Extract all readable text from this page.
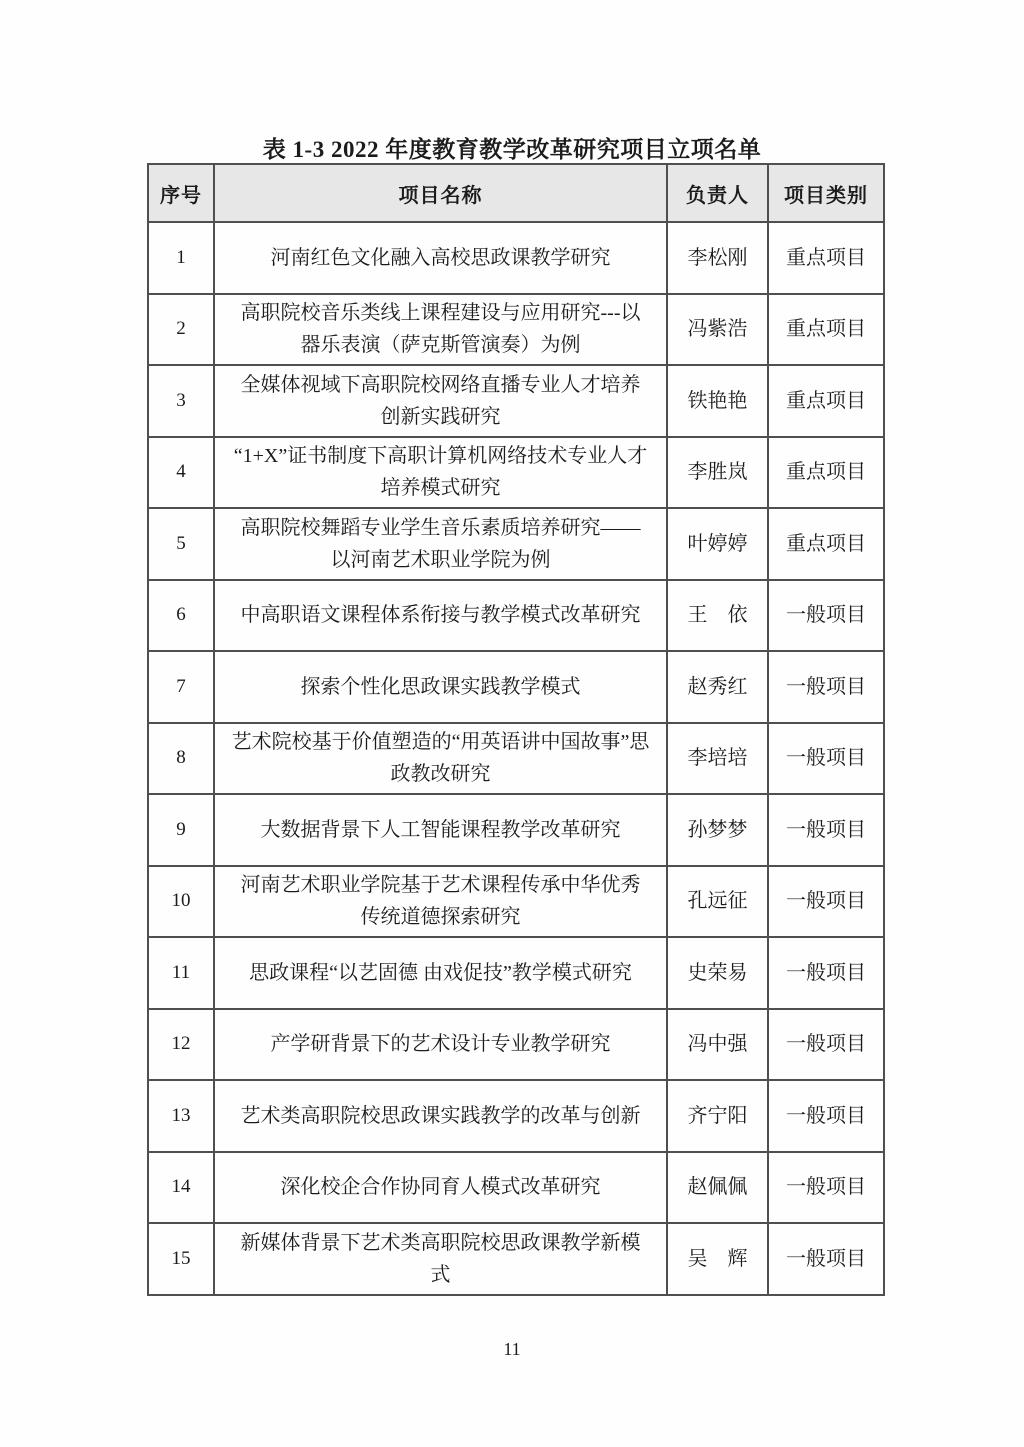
表 1-3 2022 年度教育教学改革研究项目立项名单
序号	项目名称	负责人	项目类别
1	河南红色文化融入高校思政课教学研究	李松刚	重点项目
2	高职院校音乐类线上课程建设与应用研究---以器乐表演（萨克斯管演奏）为例	冯紫浩	重点项目
3	全媒体视域下高职院校网络直播专业人才培养创新实践研究	铁艳艳	重点项目
4	“1+X”证书制度下高职计算机网络技术专业人才培养模式研究	李胜岚	重点项目
5	高职院校舞蹈专业学生音乐素质培养研究——以河南艺术职业学院为例	叶婷婷	重点项目
6	中高职语文课程体系衔接与教学模式改革研究	王　依	一般项目
7	探索个性化思政课实践教学模式	赵秀红	一般项目
8	艺术院校基于价值塑造的“用英语讲中国故事”思政教改研究	李培培	一般项目
9	大数据背景下人工智能课程教学改革研究	孙梦梦	一般项目
10	河南艺术职业学院基于艺术课程传承中华优秀传统道德探索研究	孔远征	一般项目
11	思政课程“以艺固德 由戏促技”教学模式研究	史荣易	一般项目
12	产学研背景下的艺术设计专业教学研究	冯中强	一般项目
13	艺术类高职院校思政课实践教学的改革与创新	齐宁阳	一般项目
14	深化校企合作协同育人模式改革研究	赵佩佩	一般项目
15	新媒体背景下艺术类高职院校思政课教学新模式	吴　辉	一般项目
11
